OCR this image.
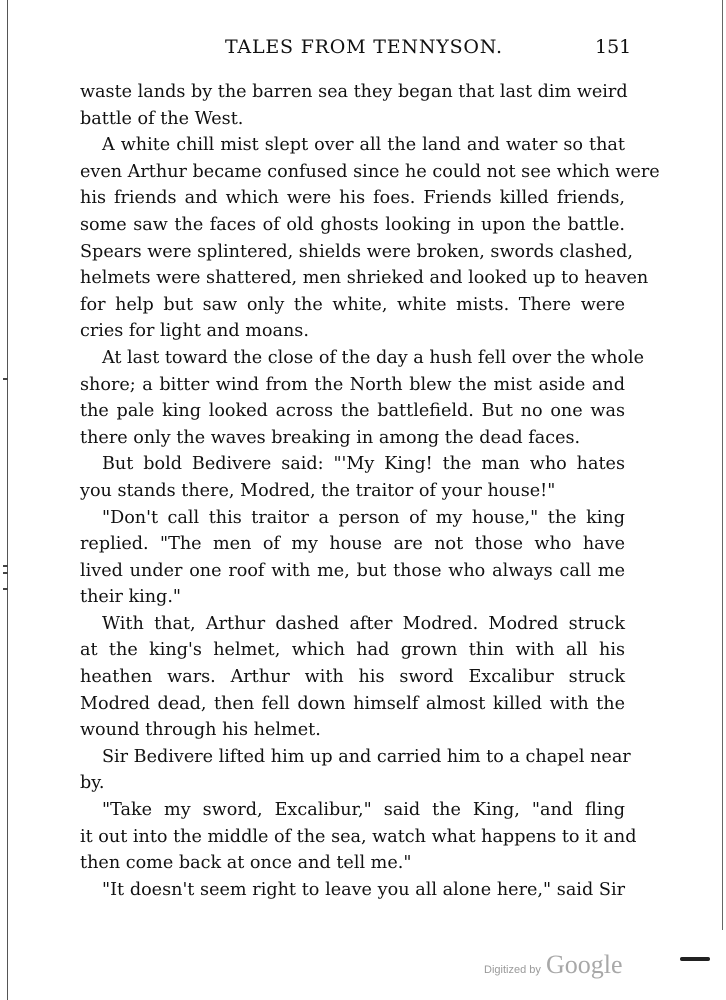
TALES FROM TENNYSON.	151
waste lands by the barren sea they began that last dim weird
battle of the West.
A white chill mist slept over all the land and water so that
even Arthur became confused since he could not see which were
his friends and which were his foes. Friends killed friends,
some saw the faces of old ghosts looking in upon the battle.
Spears were splintered, shields were broken, swords clashed,
helmets were shattered, men shrieked and looked up to heaven
for help but saw only the white, white mists. There were
cries for light and moans.
At last toward the close of the day a hush fell over the whole
shore; a bitter wind from the North blew the mist aside and
the pale king looked across the battlefield. But no one was
there only the waves breaking in among the dead faces.
But bold Bedivere said: "'My King! the man who hates
you stands there, Modred, the traitor of your house!"
"Don't call this traitor a person of my house," the king
replied. "The men of my house are not those who have
lived under one roof with me, but those who always call me
their king."
With that, Arthur dashed after Modred. Modred struck
at the king's helmet, which had grown thin with all his
heathen wars. Arthur with his sword Excalibur struck
Modred dead, then fell down himself almost killed with the
wound through his helmet.
Sir Bedivere lifted him up and carried him to a chapel near
by.
"Take my sword, Excalibur," said the King, "and fling
it out into the middle of the sea, watch what happens to it and
then come back at once and tell me."
"It doesn't seem right to leave you all alone here," said Sir
Digitized by Google
